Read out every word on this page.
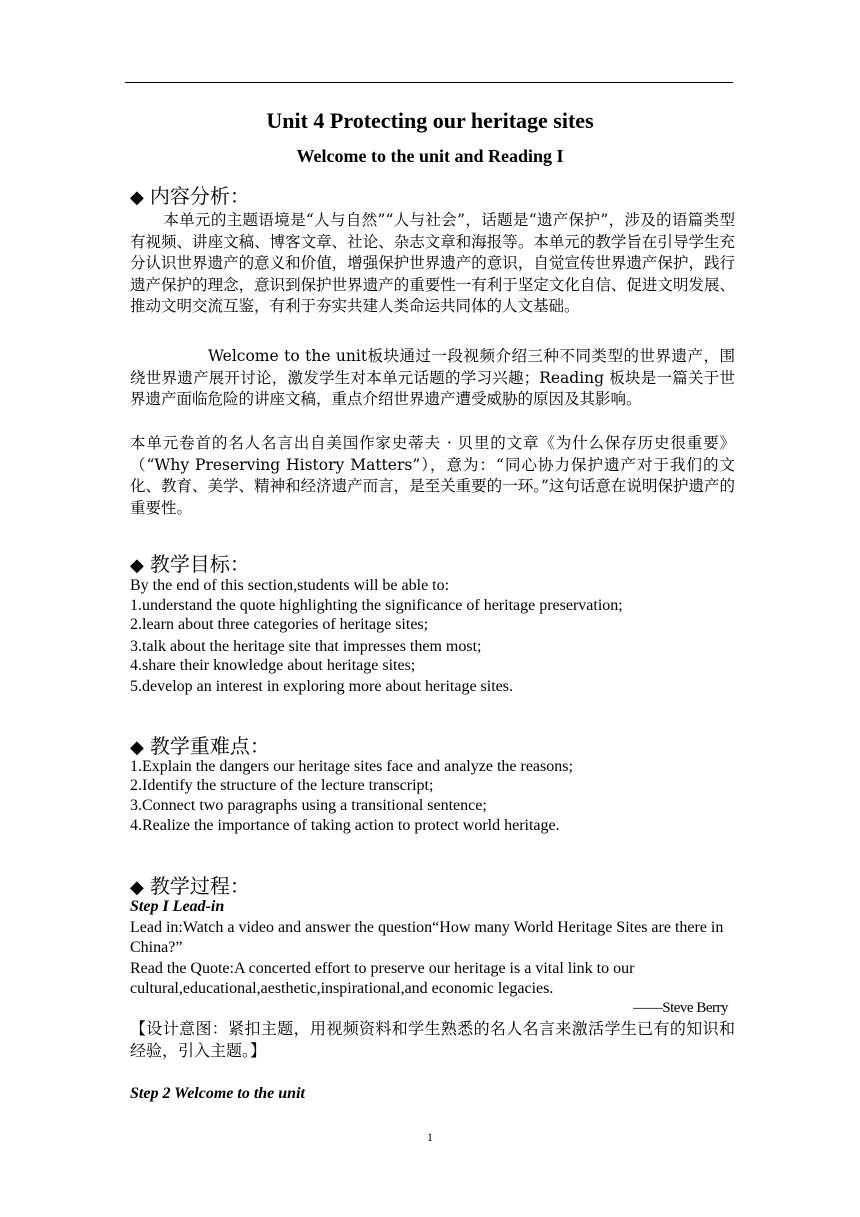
Unit 4 Protecting our heritage sites
Welcome to the unit and Reading I
◆ 内容分析：
本单元的主题语境是“人与自然”“人与社会”，话题是“遗产保护”，涉及的语篇类型有视频、讲座文稿、博客文章、社论、杂志文章和海报等。本单元的教学旨在引导学生充分认识世界遗产的意义和价值，增强保护世界遗产的意识，自觉宣传世界遗产保护，践行遗产保护的理念，意识到保护世界遗产的重要性一有利于坚定文化自信、促进文明发展、推动文明交流互鉴，有利于夯实共建人类命运共同体的人文基础。
Welcome to the unit板块通过一段视频介绍三种不同类型的世界遗产，围绕世界遗产展开讨论，激发学生对本单元话题的学习兴趣；Reading 板块是一篇关于世界遗产面临危险的讲座文稿，重点介绍世界遗产遭受威胁的原因及其影响。
本单元卷首的名人名言出自美国作家史蒂夫 · 贝里的文章《为什么保存历史很重要》（“Why Preserving History Matters”），意为：“同心协力保护遗产对于我们的文化、教育、美学、精神和经济遗产而言，是至关重要的一环。”这句话意在说明保护遗产的重要性。
◆ 教学目标：
By the end of this section,students will be able to:
1.understand the quote highlighting the significance of heritage preservation;
2.learn about three categories of heritage sites;
3.talk about the heritage site that impresses them most;
4.share their knowledge about heritage sites;
5.develop an interest in exploring more about heritage sites.
◆ 教学重难点：
1.Explain the dangers our heritage sites face and analyze the reasons;
2.Identify the structure of the lecture transcript;
3.Connect two paragraphs using a transitional sentence;
4.Realize the importance of taking action to protect world heritage.
◆ 教学过程：
Step I Lead-in
Lead in:Watch a video and answer the question“How many World Heritage Sites are there in China?”
Read the Quote:A concerted effort to preserve our heritage is a vital link to our cultural,educational,aesthetic,inspirational,and economic legacies.
——Steve Berry
【设计意图：紧扣主题，用视频资料和学生熟悉的名人名言来激活学生已有的知识和经验，引入主题。】
Step 2 Welcome to the unit
1
